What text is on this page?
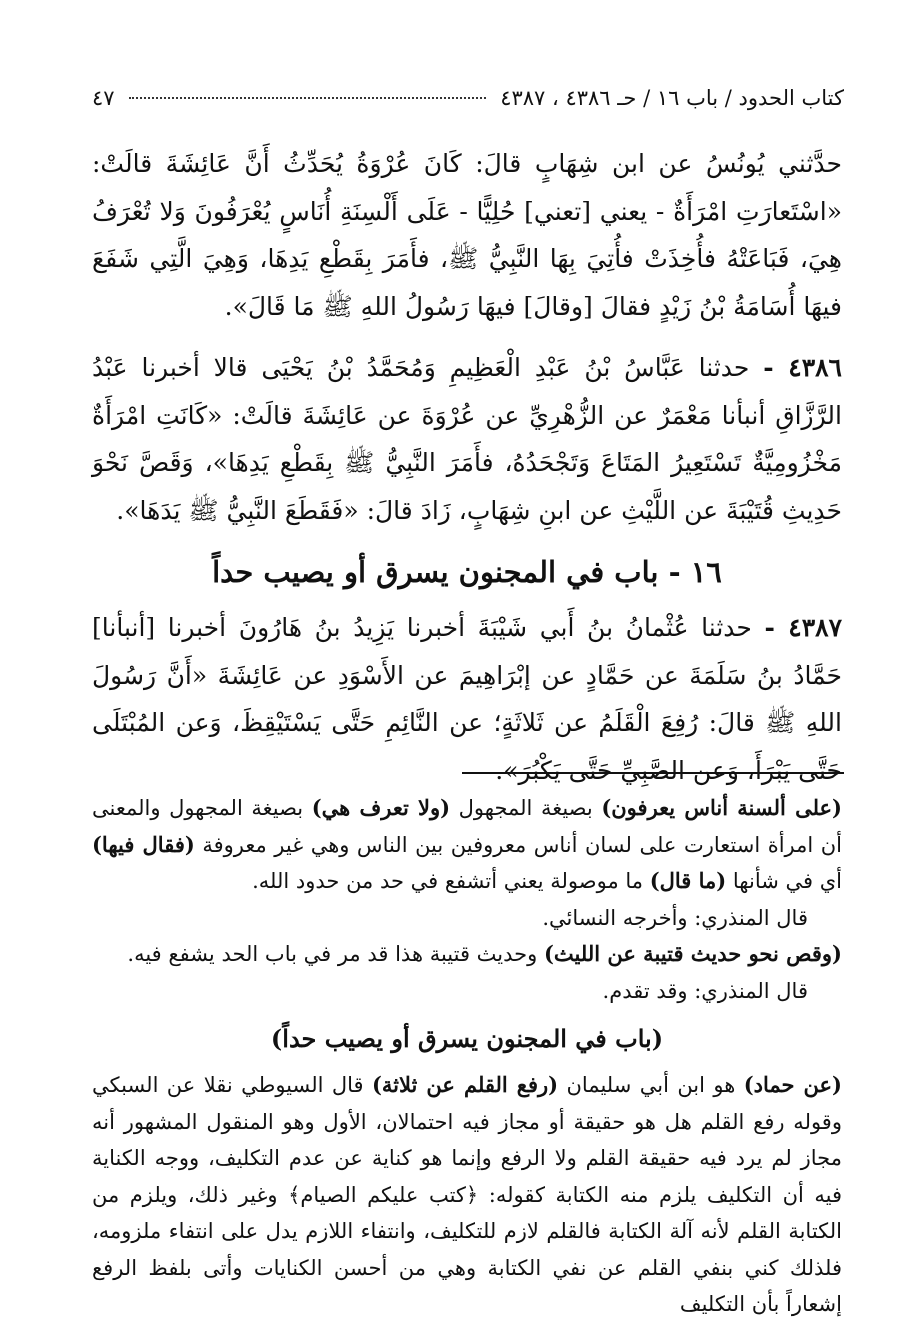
كتاب الحدود / باب ١٦ / حـ ٤٣٨٦ ، ٤٣٨٧
٤٧

حدَّثني يُونُسُ عن ابن شِهَابٍ قالَ: كَانَ عُرْوَةُ يُحَدِّثُ أَنَّ عَائِشَةَ قالَتْ: «اسْتَعارَتِ امْرَأَةٌ - يعني [تعني] حُلِيًّا - عَلَى أَلْسِنَةِ أُنَاسٍ يُعْرَفُونَ وَلا تُعْرَفُ هِيَ، فَبَاعَتْهُ فأُخِذَتْ فأُتِيَ بِهَا النَّبِيُّ ﷺ، فأَمَرَ بِقَطْعِ يَدِهَا، وَهِيَ الَّتِي شَفَعَ فيهَا أُسَامَةُ بْنُ زَيْدٍ فقالَ [وقالَ] فيهَا رَسُولُ اللهِ ﷺ مَا قَالَ».

٤٣٨٦ - حدثنا عَبَّاسُ بْنُ عَبْدِ الْعَظِيمِ وَمُحَمَّدُ بْنُ يَحْيَى قالا أخبرنا عَبْدُ الرَّزَّاقِ أنبأنا مَعْمَرٌ عن الزُّهْرِيِّ عن عُرْوَةَ عن عَائِشَةَ قالَتْ: «كَانَتِ امْرَأَةٌ مَخْزُومِيَّةٌ تَسْتَعِيرُ المَتَاعَ وَتَجْحَدُهُ، فأَمَرَ النَّبِيُّ ﷺ بِقَطْعِ يَدِهَا»، وَقَصَّ نَحْوَ حَدِيثِ قُتَيْبَةَ عن اللَّيْثِ عن ابنِ شِهَابٍ، زَادَ قالَ: «فَقَطَعَ النَّبِيُّ ﷺ يَدَهَا».

١٦ - باب في المجنون يسرق أو يصيب حداً

٤٣٨٧ - حدثنا عُثْمانُ بنُ أَبي شَيْبَةَ أخبرنا يَزِيدُ بنُ هَارُونَ أخبرنا [أنبأنا] حَمَّادُ بنُ سَلَمَةَ عن حَمَّادٍ عن إبْرَاهِيمَ عن الأَسْوَدِ عن عَائِشَةَ «أَنَّ رَسُولَ اللهِ ﷺ قالَ: رُفِعَ الْقَلَمُ عن ثَلاثَةٍ؛ عن النَّائِمِ حَتَّى يَسْتَيْقِظَ، وَعن المُبْتَلَى حَتَّى يَبْرَأَ، وَعن الصَّبِيِّ حَتَّى يَكْبُرَ».

(على ألسنة أناس يعرفون) بصيغة المجهول (ولا تعرف هي) بصيغة المجهول والمعنى أن امرأة استعارت على لسان أناس معروفين بين الناس وهي غير معروفة (فقال فيها) أي في شأنها (ما قال) ما موصولة يعني أتشفع في حد من حدود الله.

قال المنذري: وأخرجه النسائي.

(وقص نحو حديث قتيبة عن الليث) وحديث قتيبة هذا قد مر في باب الحد يشفع فيه.

قال المنذري: وقد تقدم.

(باب في المجنون يسرق أو يصيب حداً)

(عن حماد) هو ابن أبي سليمان (رفع القلم عن ثلاثة) قال السيوطي نقلا عن السبكي وقوله رفع القلم هل هو حقيقة أو مجاز فيه احتمالان، الأول وهو المنقول المشهور أنه مجاز لم يرد فيه حقيقة القلم ولا الرفع وإنما هو كناية عن عدم التكليف، ووجه الكناية فيه أن التكليف يلزم منه الكتابة كقوله: ﴿كتب عليكم الصيام﴾ وغير ذلك، ويلزم من الكتابة القلم لأنه آلة الكتابة فالقلم لازم للتكليف، وانتفاء اللازم يدل على انتفاء ملزومه، فلذلك كني بنفي القلم عن نفي الكتابة وهي من أحسن الكنايات وأتى بلفظ الرفع إشعاراً بأن التكليف
